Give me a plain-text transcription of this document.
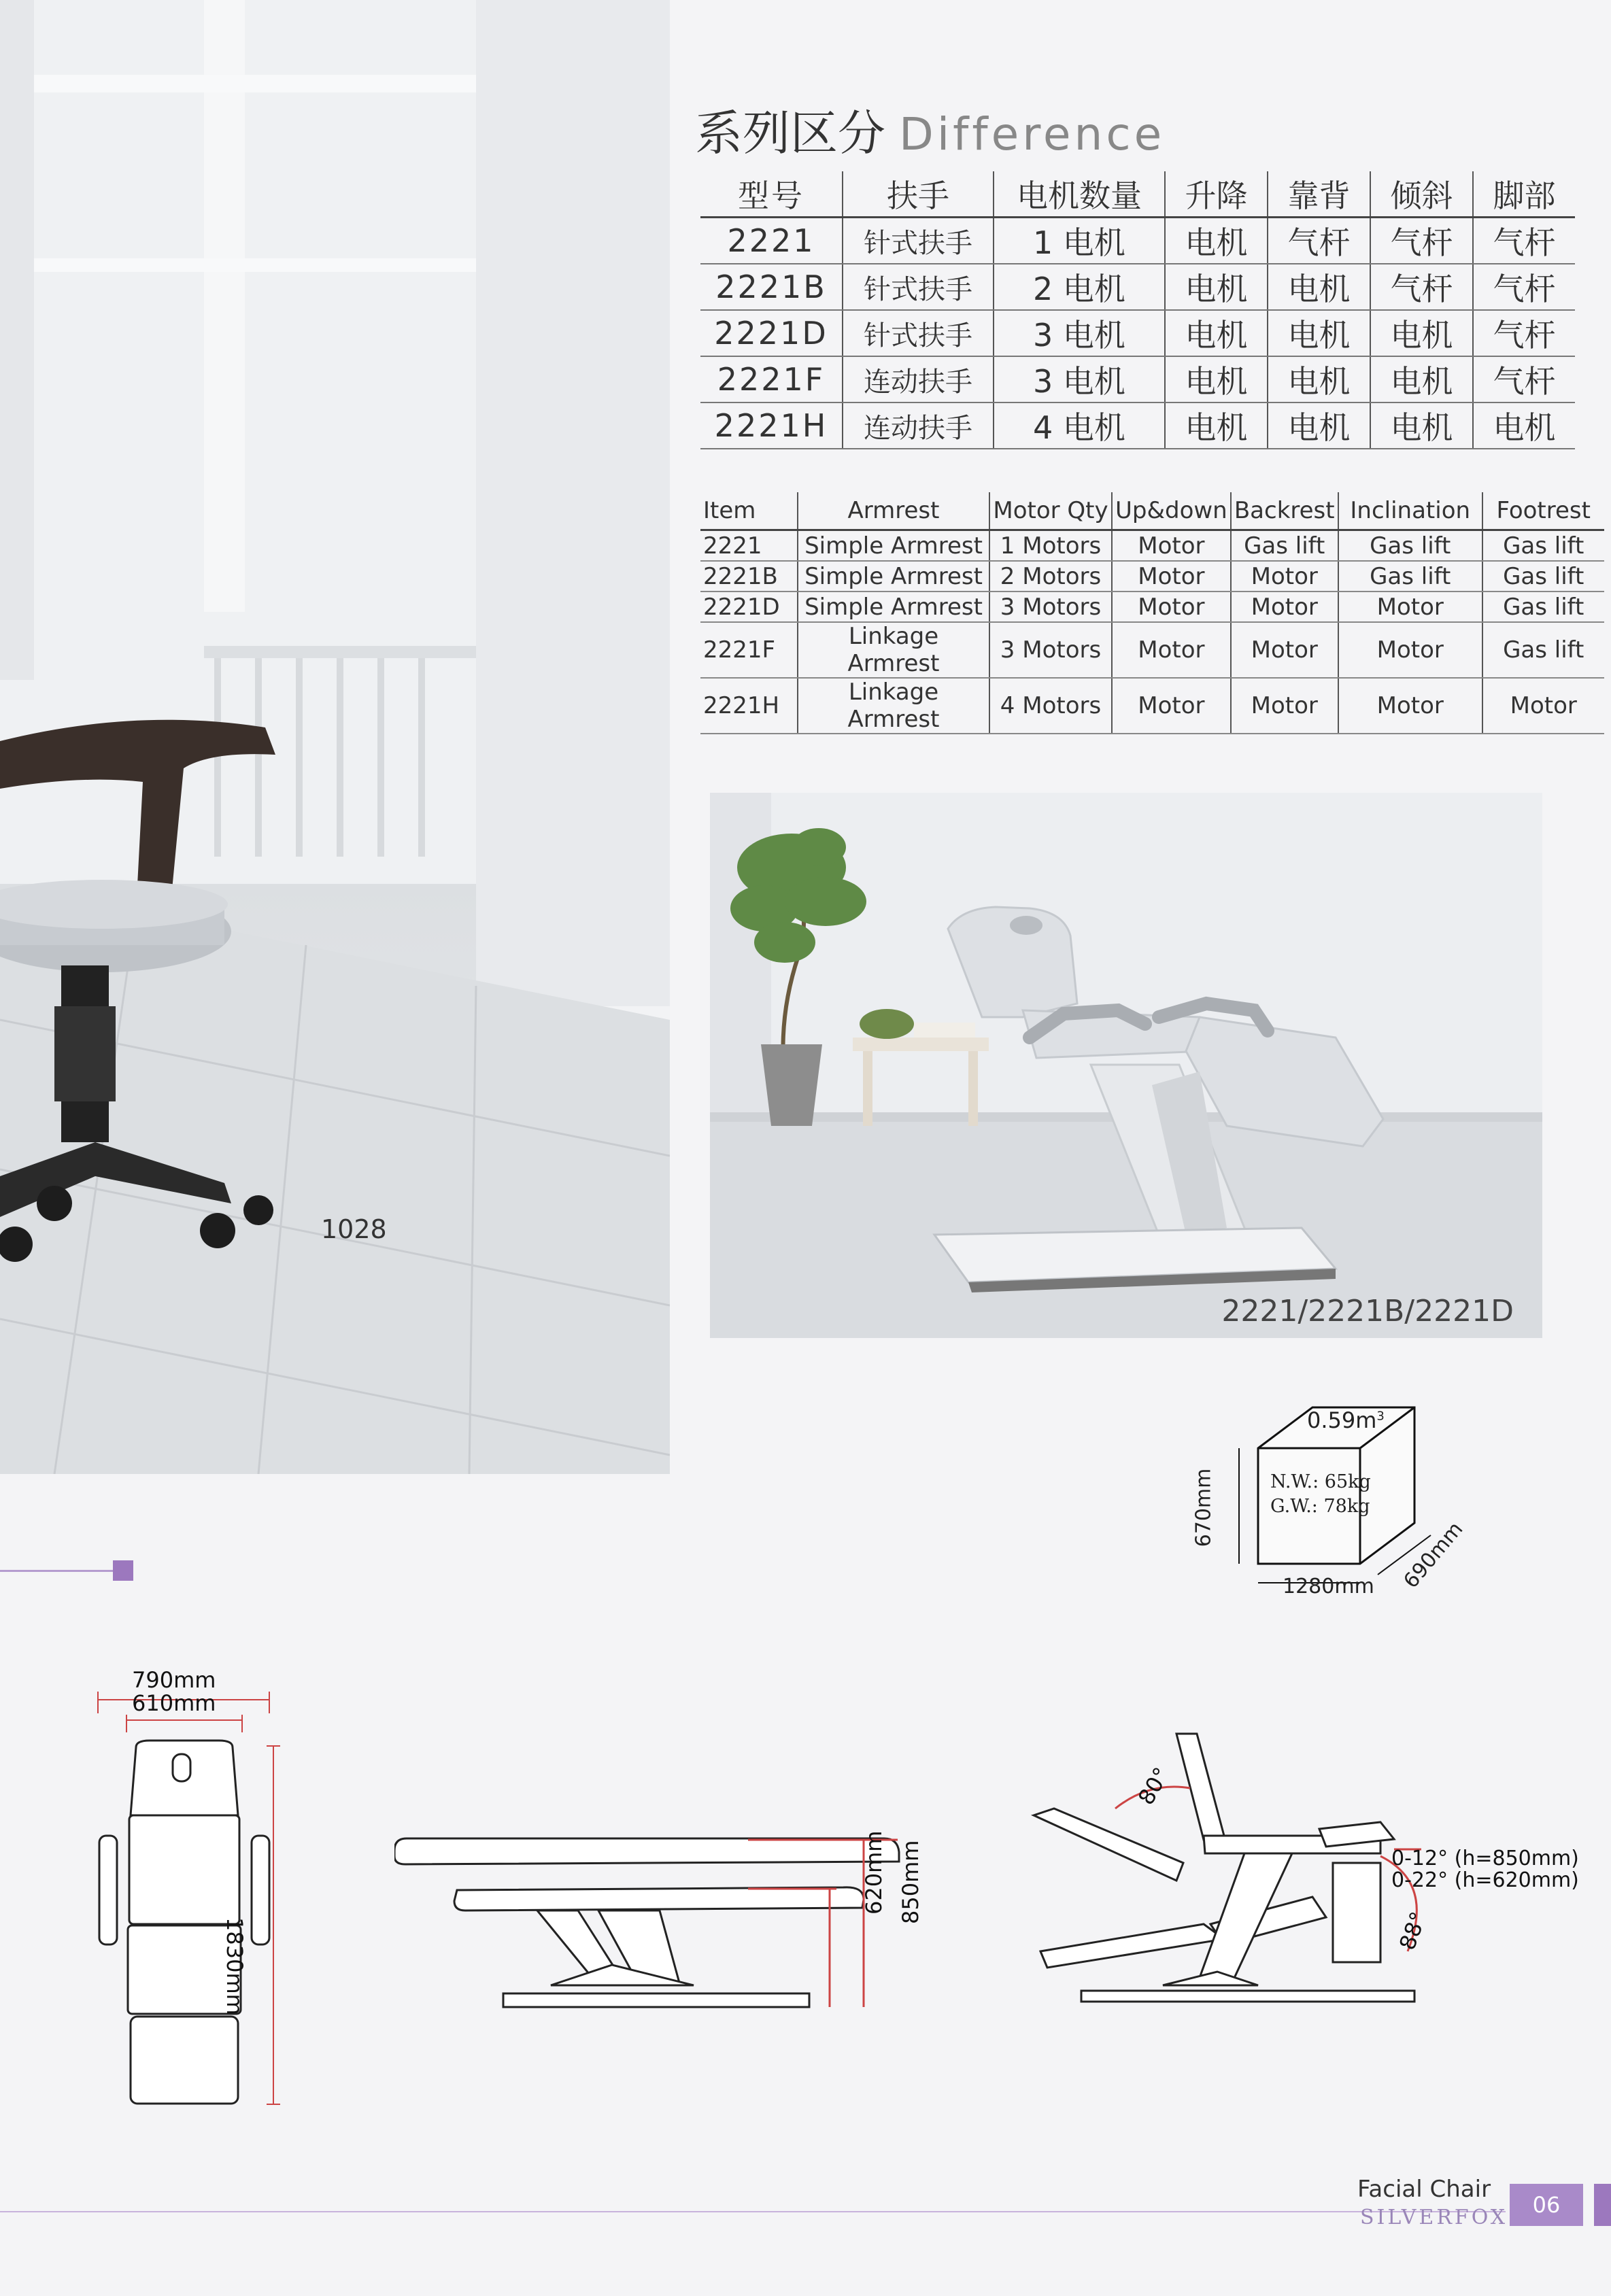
1028
系列区分 Difference
型号	扶手	电机数量	升降	靠背	倾斜	脚部
2221	针式扶手	1 电机	电机	气杆	气杆	气杆
2221B	针式扶手	2 电机	电机	电机	气杆	气杆
2221D	针式扶手	3 电机	电机	电机	电机	气杆
2221F	连动扶手	3 电机	电机	电机	电机	气杆
2221H	连动扶手	4 电机	电机	电机	电机	电机
Item	Armrest	Motor Qty	Up&down	Backrest	Inclination	Footrest
2221	Simple Armrest	1 Motors	Motor	Gas lift	Gas lift	Gas lift
2221B	Simple Armrest	2 Motors	Motor	Motor	Gas lift	Gas lift
2221D	Simple Armrest	3 Motors	Motor	Motor	Motor	Gas lift
2221F	Linkage Armrest	3 Motors	Motor	Motor	Motor	Gas lift
2221H	Linkage Armrest	4 Motors	Motor	Motor	Motor	Motor
2221/2221B/2221D
$0.59m^3$
N.W.: 65kg
G.W.: 78kg
670mm
1280mm 690mm
790mm
610mm
1830mm
620mm 850mm
80°
88°
0-12° (h=850mm)
0-22° (h=620mm)
Facial Chair
SILVERFOX	06
